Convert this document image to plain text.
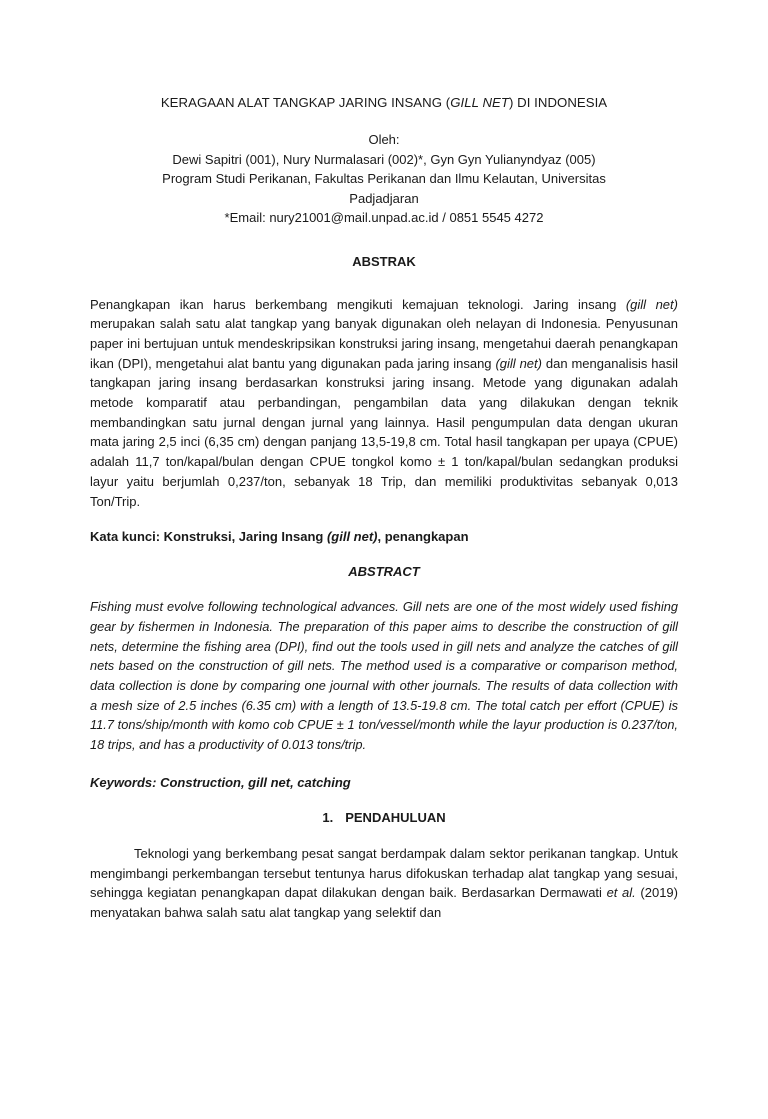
KERAGAAN ALAT TANGKAP JARING INSANG (GILL NET) DI INDONESIA
Oleh:
Dewi Sapitri (001), Nury Nurmalasari (002)*, Gyn Gyn Yulianyndyaz (005)
Program Studi Perikanan, Fakultas Perikanan dan Ilmu Kelautan, Universitas
Padjadjaran
*Email: nury21001@mail.unpad.ac.id / 0851 5545 4272
ABSTRAK

Penangkapan ikan harus berkembang mengikuti kemajuan teknologi. Jaring insang (gill net) merupakan salah satu alat tangkap yang banyak digunakan oleh nelayan di Indonesia. Penyusunan paper ini bertujuan untuk mendeskripsikan konstruksi jaring insang, mengetahui daerah penangkapan ikan (DPI), mengetahui alat bantu yang digunakan pada jaring insang (gill net) dan menganalisis hasil tangkapan jaring insang berdasarkan konstruksi jaring insang. Metode yang digunakan adalah metode komparatif atau perbandingan, pengambilan data yang dilakukan dengan teknik membandingkan satu jurnal dengan jurnal yang lainnya. Hasil pengumpulan data dengan ukuran mata jaring 2,5 inci (6,35 cm) dengan panjang 13,5-19,8 cm. Total hasil tangkapan per upaya (CPUE) adalah 11,7 ton/kapal/bulan dengan CPUE tongkol komo ± 1 ton/kapal/bulan sedangkan produksi layur yaitu berjumlah 0,237/ton, sebanyak 18 Trip, dan memiliki produktivitas sebanyak 0,013 Ton/Trip.

Kata kunci: Konstruksi, Jaring Insang (gill net), penangkapan
ABSTRACT

Fishing must evolve following technological advances. Gill nets are one of the most widely used fishing gear by fishermen in Indonesia. The preparation of this paper aims to describe the construction of gill nets, determine the fishing area (DPI), find out the tools used in gill nets and analyze the catches of gill nets based on the construction of gill nets. The method used is a comparative or comparison method, data collection is done by comparing one journal with other journals. The results of data collection with a mesh size of 2.5 inches (6.35 cm) with a length of 13.5-19.8 cm. The total catch per effort (CPUE) is 11.7 tons/ship/month with komo cob CPUE ± 1 ton/vessel/month while the layur production is 0.237/ton, 18 trips, and has a productivity of 0.013 tons/trip.

Keywords: Construction, gill net, catching
1. PENDAHULUAN

Teknologi yang berkembang pesat sangat berdampak dalam sektor perikanan tangkap. Untuk mengimbangi perkembangan tersebut tentunya harus difokuskan terhadap alat tangkap yang sesuai, sehingga kegiatan penangkapan dapat dilakukan dengan baik. Berdasarkan Dermawati et al. (2019) menyatakan bahwa salah satu alat tangkap yang selektif dan
